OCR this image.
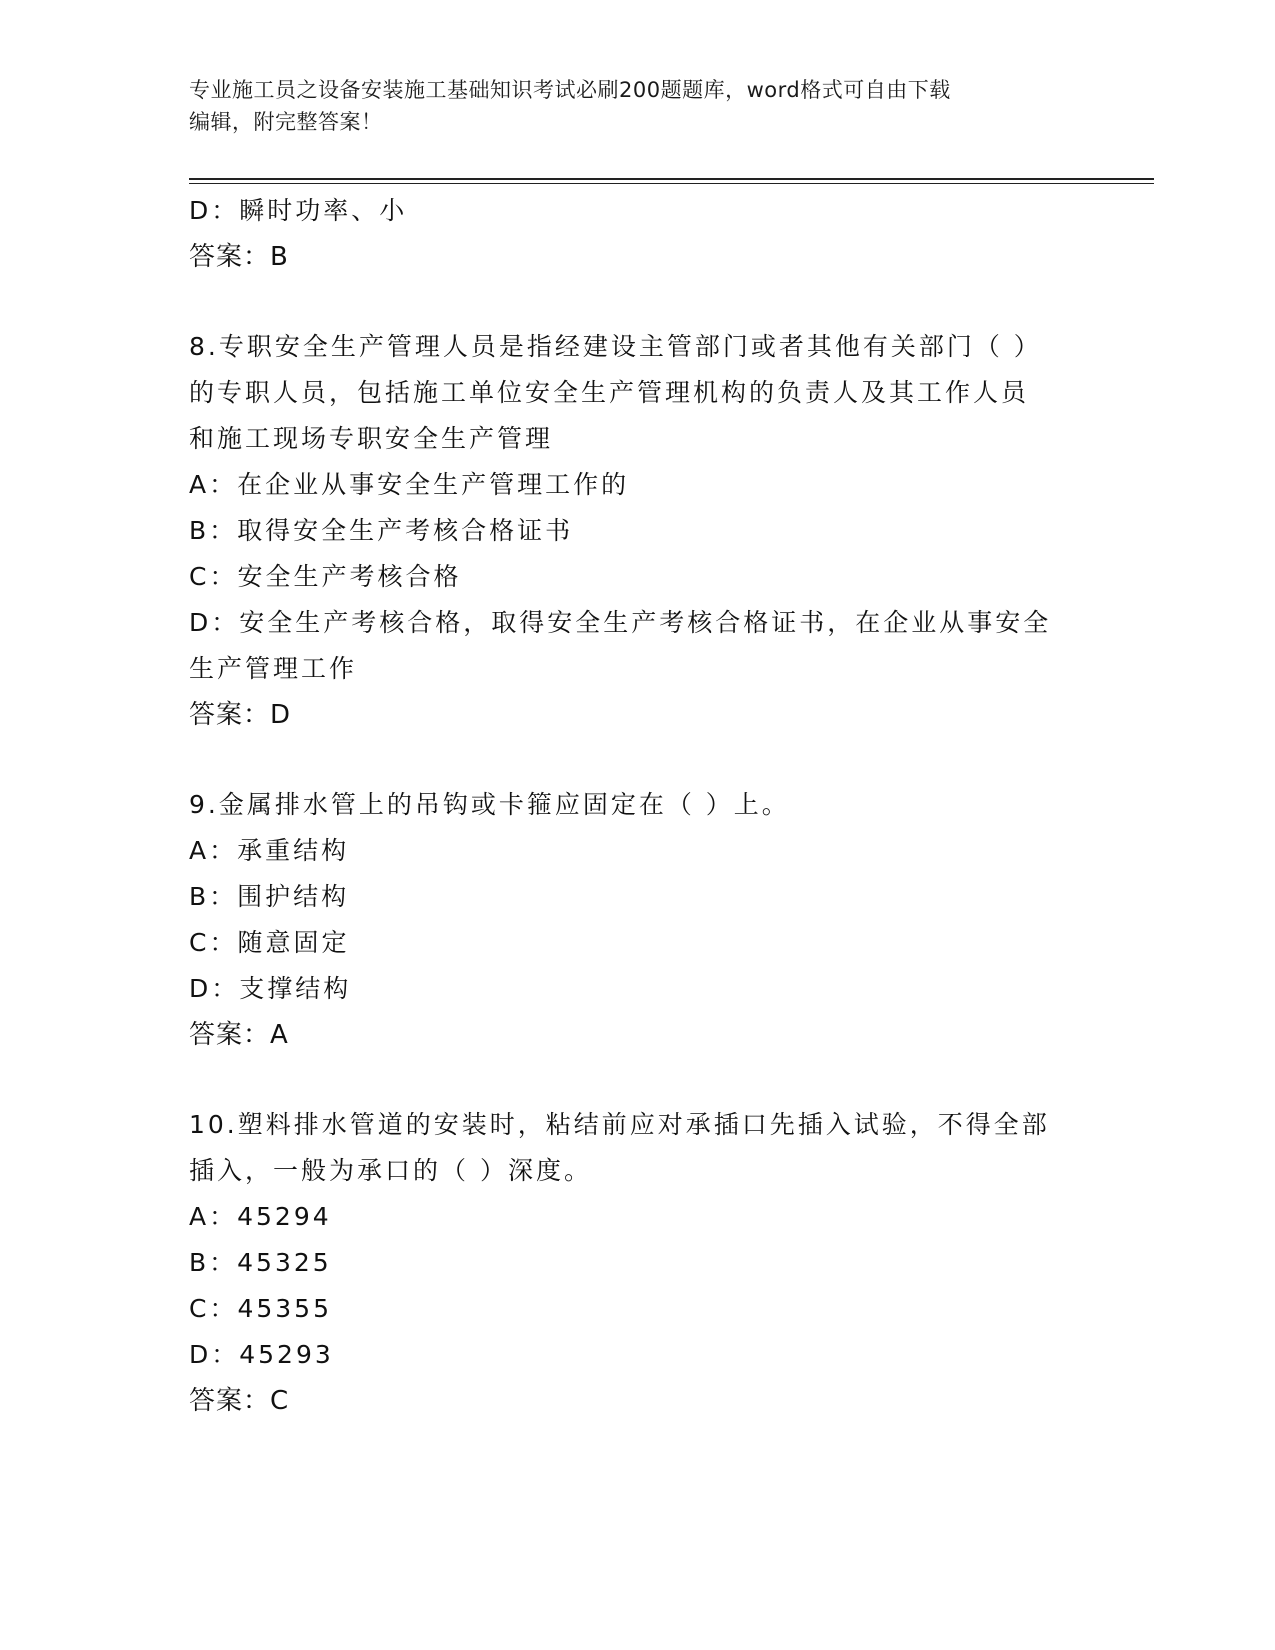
专业施工员之设备安装施工基础知识考试必刷200题题库，word格式可自由下载
编辑，附完整答案！
D：瞬时功率、小
答案：B
8.专职安全生产管理人员是指经建设主管部门或者其他有关部门（ ）
的专职人员，包括施工单位安全生产管理机构的负责人及其工作人员
和施工现场专职安全生产管理
A：在企业从事安全生产管理工作的
B：取得安全生产考核合格证书
C：安全生产考核合格
D：安全生产考核合格，取得安全生产考核合格证书，在企业从事安全
生产管理工作
答案：D
9.金属排水管上的吊钩或卡箍应固定在（ ）上。
A：承重结构
B：围护结构
C：随意固定
D：支撑结构
答案：A
10.塑料排水管道的安装时，粘结前应对承插口先插入试验，不得全部
插入，一般为承口的（ ）深度。
A：45294
B：45325
C：45355
D：45293
答案：C
